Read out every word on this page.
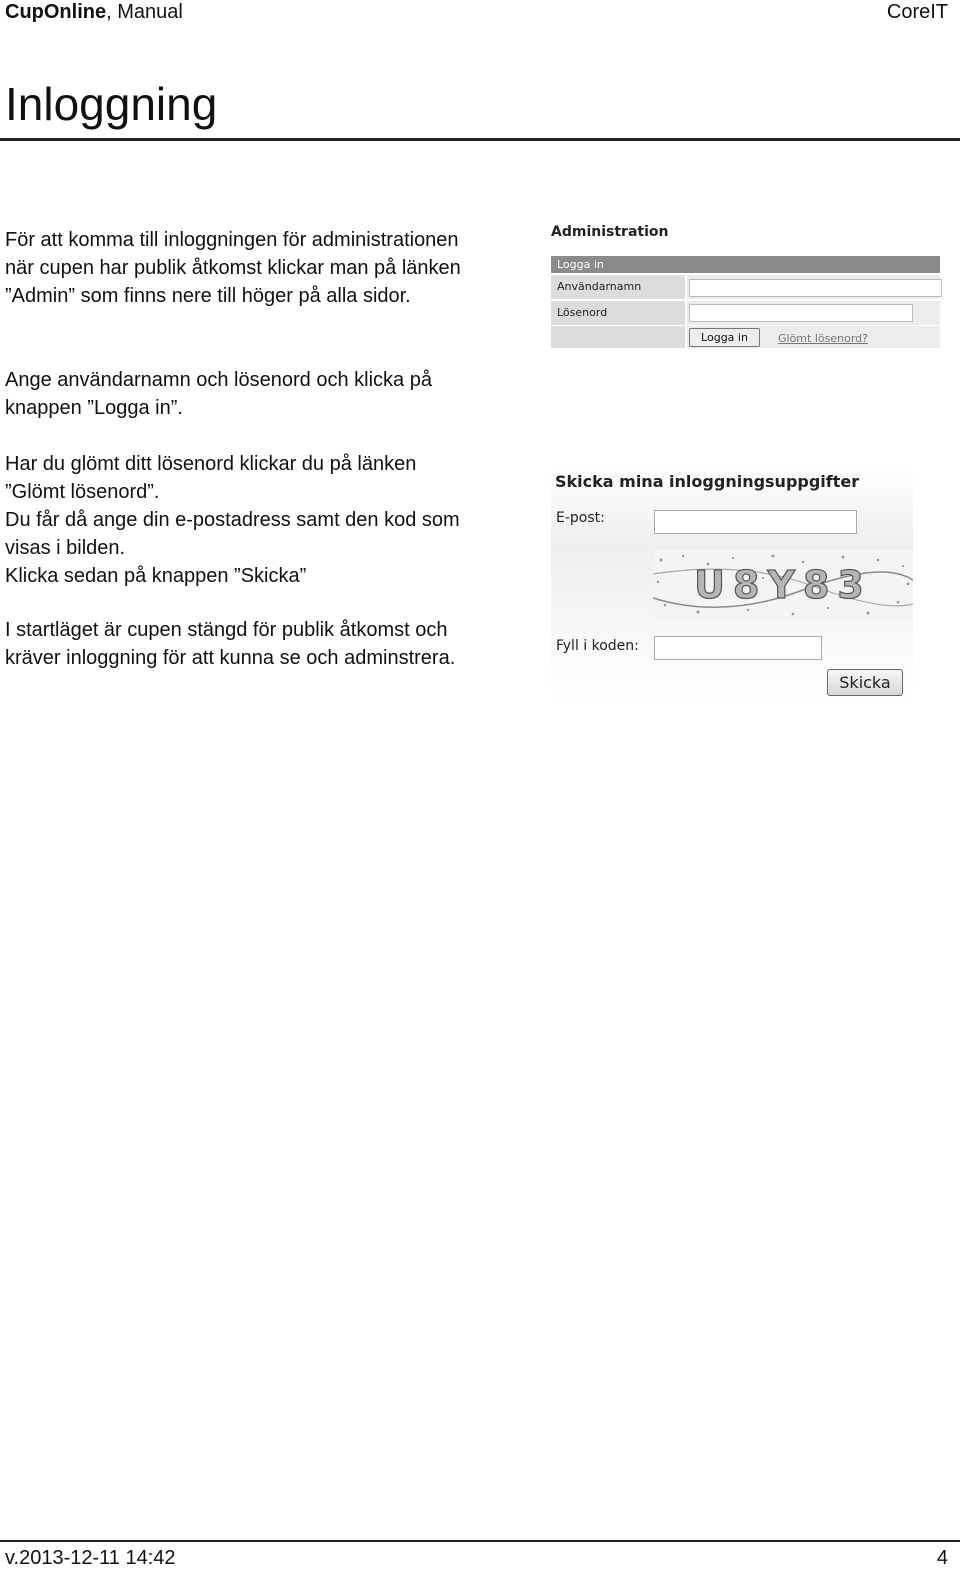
CupOnline, Manual	CoreIT
Inloggning

För att komma till inloggningen för administrationen när cupen har publik åtkomst klickar man på länken ”Admin” som finns nere till höger på alla sidor.

Ange användarnamn och lösenord och klicka på knappen ”Logga in”.

Har du glömt ditt lösenord klickar du på länken ”Glömt lösenord”.
Du får då ange din e-postadress samt den kod som visas i bilden.
Klicka sedan på knappen ”Skicka”

I startläget är cupen stängd för publik åtkomst och kräver inloggning för att kunna se och adminstrera.

Administration
Logga in
Användarnamn
Lösenord
Logga in	Glömt lösenord?
Skicka mina inloggningsuppgifter
E-post:
U8Y83
Fyll i koden:
Skicka
v.2013-12-11 14:42	4
